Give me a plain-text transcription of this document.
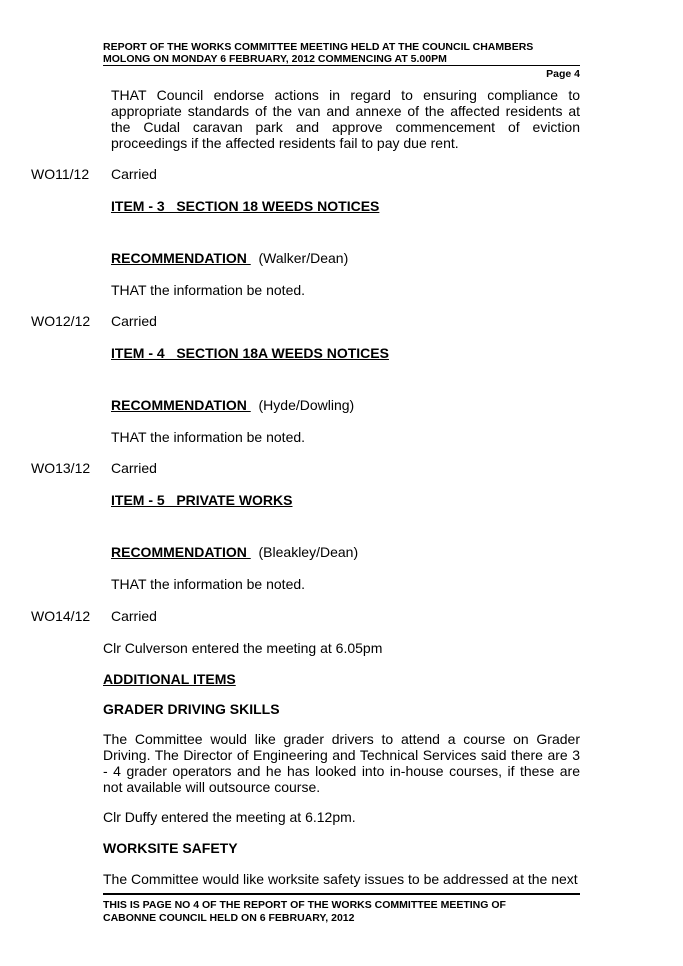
REPORT OF THE WORKS COMMITTEE MEETING HELD AT THE COUNCIL CHAMBERS
MOLONG ON MONDAY 6 FEBRUARY, 2012 COMMENCING AT 5.00PM
Page 4
THAT Council endorse actions in regard to ensuring compliance to appropriate standards of the van and annexe of the affected residents at the Cudal caravan park and approve commencement of eviction proceedings if the affected residents fail to pay due rent.
WO11/12 Carried
ITEM - 3   SECTION 18 WEEDS NOTICES
RECOMMENDATION   (Walker/Dean)
THAT the information be noted.
WO12/12 Carried
ITEM - 4   SECTION 18A WEEDS NOTICES
RECOMMENDATION   (Hyde/Dowling)
THAT the information be noted.
WO13/12 Carried
ITEM - 5   PRIVATE WORKS
RECOMMENDATION   (Bleakley/Dean)
THAT the information be noted.
WO14/12 Carried
Clr Culverson entered the meeting at 6.05pm
ADDITIONAL ITEMS
GRADER DRIVING SKILLS
The Committee would like grader drivers to attend a course on Grader Driving. The Director of Engineering and Technical Services said there are 3 - 4 grader operators and he has looked into in-house courses, if these are not available will outsource course.
Clr Duffy entered the meeting at 6.12pm.
WORKSITE SAFETY
The Committee would like worksite safety issues to be addressed at the next
THIS IS PAGE NO 4 OF THE REPORT OF THE WORKS COMMITTEE MEETING OF
CABONNE COUNCIL HELD ON 6 FEBRUARY, 2012
